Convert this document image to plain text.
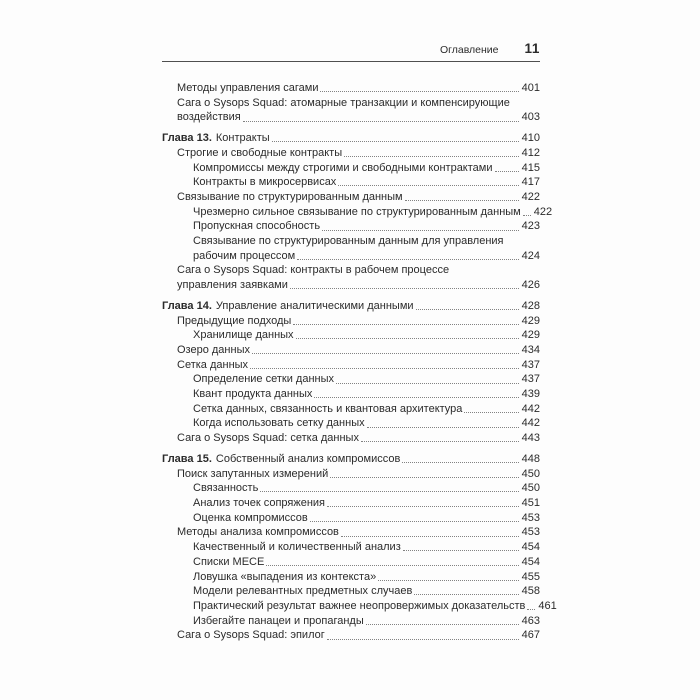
Оглавление 11
Методы управления сагами	401
Сага о Sysops Squad: атомарные транзакции и компенсирующие
воздействия	403
Глава 13. Контракты	410
Строгие и свободные контракты	412
Компромиссы между строгими и свободными контрактами	415
Контракты в микросервисах	417
Связывание по структурированным данным	422
Чрезмерно сильное связывание по структурированным данным 422
Пропускная способность	423
Связывание по структурированным данным для управления
рабочим процессом	424
Сага о Sysops Squad: контракты в рабочем процессе
управления заявками	426
Глава 14. Управление аналитическими данными	428
Предыдущие подходы	429
Хранилище данных	429
Озеро данных	434
Сетка данных	437
Определение сетки данных	437
Квант продукта данных	439
Сетка данных, связанность и квантовая архитектура	442
Когда использовать сетку данных	442
Сага о Sysops Squad: сетка данных	443
Глава 15. Собственный анализ компромиссов	448
Поиск запутанных измерений	450
Связанность	450
Анализ точек сопряжения	451
Оценка компромиссов	453
Методы анализа компромиссов	453
Качественный и количественный анализ	454
Списки MECE	454
Ловушка «выпадения из контекста»	455
Модели релевантных предметных случаев	458
Практический результат важнее неопровержимых доказательств 461
Избегайте панацеи и пропаганды	463
Сага о Sysops Squad: эпилог	467
